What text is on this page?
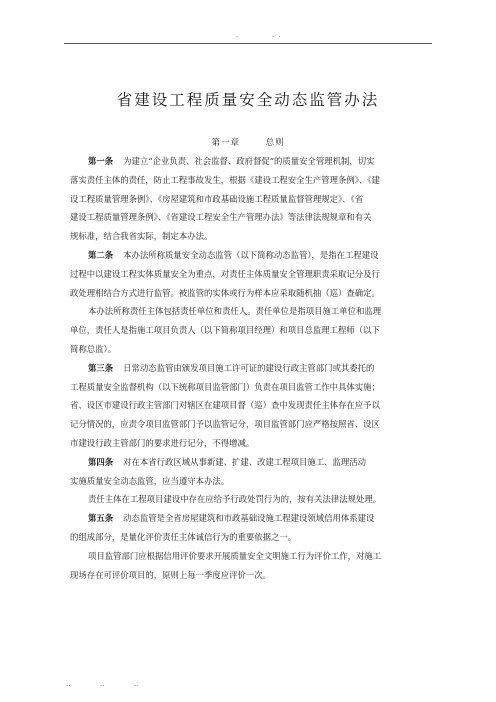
·	· ·
省建设工程质量安全动态监管办法
第一章　 总则
第一条 为建立“企业负责、社会监督、政府督促”的质量安全管理机制，切实
落实责任主体的责任，防止工程事故发生，根据《建设工程安全生产管理条例》、《建
设工程质量管理条例》、《房屋建筑和市政基础设施工程质量监督管理规定》、《省
建设工程质量管理条例》、《省建设工程安全生产管理办法》等法律法规规章和有关
规标准，结合我省实际，制定本办法。
第二条 本办法所称质量安全动态监管（以下简称动态监管），是指在工程建设
过程中以建设工程实体质量安全为重点，对责任主体质量安全管理职责采取记分及行
政处理相结合方式进行监管。被监管的实体或行为样本应采取随机抽（巡）查确定。
本办法所称责任主体包括责任单位和责任人。责任单位是指项目施工单位和监理
单位，责任人是指施工项目负责人（以下简称项目经理）和项目总监理工程师（以下
简称总监）。
第三条 日常动态监管由颁发项目施工许可证的建设行政主管部门或其委托的
工程质量安全监督机构（以下统称项目监管部门）负责在项目监管工作中具体实施；
省、设区市建设行政主管部门对辖区在建项目督（巡）查中发现责任主体存在应予以
记分情况的，应责令项目监管部门予以监管记分，项目监管部门应严格按照省、设区
市建设行政主管部门的要求进行记分，不得增减。
第四条 对在本省行政区域从事新建、扩建、改建工程项目施工、监理活动
实施质量安全动态监管，应当遵守本办法。
责任主体在工程项目建设中存在应给予行政处罚行为的，按有关法律法规处理。
第五条 动态监管是全省房屋建筑和市政基础设施工程建设领域信用体系建设
的组成部分，是量化评价责任主体诚信行为的重要依据之一。
项目监管部门应根据信用评价要求开展质量安全文明施工行为评价工作，对施工
现场存在可评价项目的，原则上每一季度应评价一次。
··	··	··
